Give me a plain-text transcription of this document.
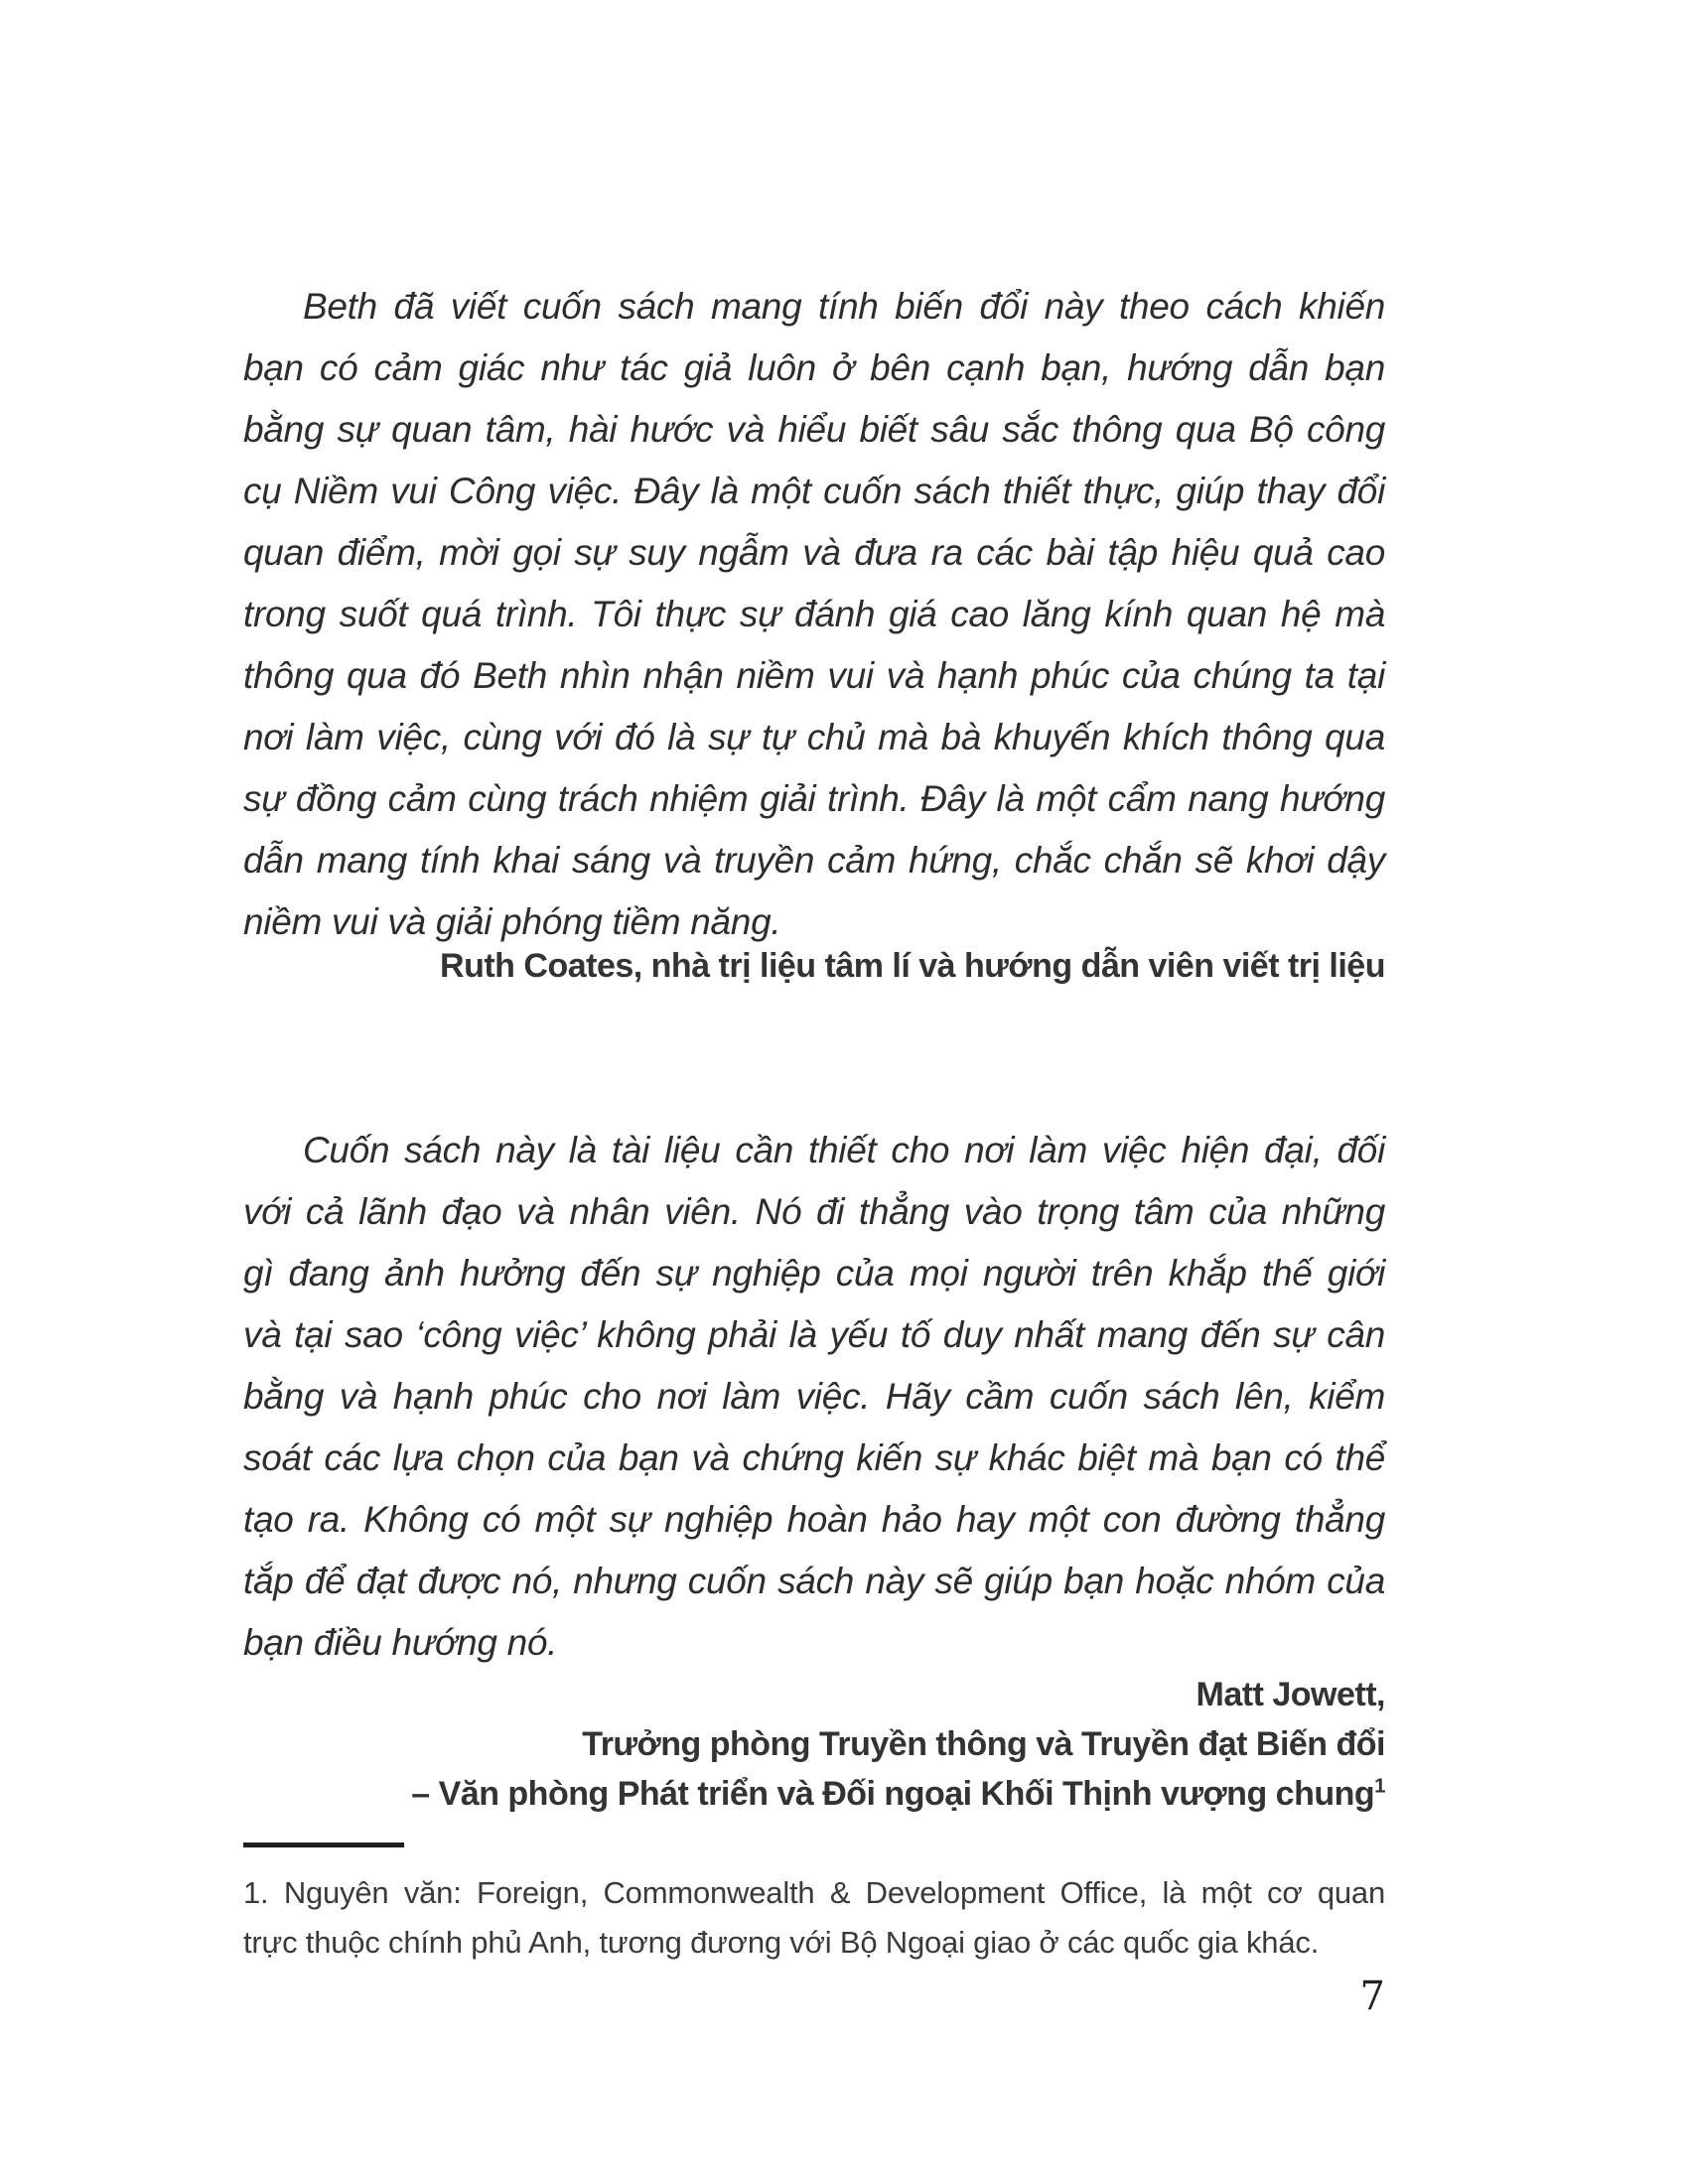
Beth đã viết cuốn sách mang tính biến đổi này theo cách khiến
bạn có cảm giác như tác giả luôn ở bên cạnh bạn, hướng dẫn bạn
bằng sự quan tâm, hài hước và hiểu biết sâu sắc thông qua Bộ công
cụ Niềm vui Công việc. Đây là một cuốn sách thiết thực, giúp thay đổi
quan điểm, mời gọi sự suy ngẫm và đưa ra các bài tập hiệu quả cao
trong suốt quá trình. Tôi thực sự đánh giá cao lăng kính quan hệ mà
thông qua đó Beth nhìn nhận niềm vui và hạnh phúc của chúng ta tại
nơi làm việc, cùng với đó là sự tự chủ mà bà khuyến khích thông qua
sự đồng cảm cùng trách nhiệm giải trình. Đây là một cẩm nang hướng
dẫn mang tính khai sáng và truyền cảm hứng, chắc chắn sẽ khơi dậy
niềm vui và giải phóng tiềm năng.
Ruth Coates, nhà trị liệu tâm lí và hướng dẫn viên viết trị liệu
Cuốn sách này là tài liệu cần thiết cho nơi làm việc hiện đại, đối
với cả lãnh đạo và nhân viên. Nó đi thẳng vào trọng tâm của những
gì đang ảnh hưởng đến sự nghiệp của mọi người trên khắp thế giới
và tại sao ‘công việc’ không phải là yếu tố duy nhất mang đến sự cân
bằng và hạnh phúc cho nơi làm việc. Hãy cầm cuốn sách lên, kiểm
soát các lựa chọn của bạn và chứng kiến sự khác biệt mà bạn có thể
tạo ra. Không có một sự nghiệp hoàn hảo hay một con đường thẳng
tắp để đạt được nó, nhưng cuốn sách này sẽ giúp bạn hoặc nhóm của
bạn điều hướng nó.
Matt Jowett,
Trưởng phòng Truyền thông và Truyền đạt Biến đổi
– Văn phòng Phát triển và Đối ngoại Khối Thịnh vượng chung$^1$
1. Nguyên văn: Foreign, Commonwealth & Development Office, là một cơ quan
trực thuộc chính phủ Anh, tương đương với Bộ Ngoại giao ở các quốc gia khác.
7
